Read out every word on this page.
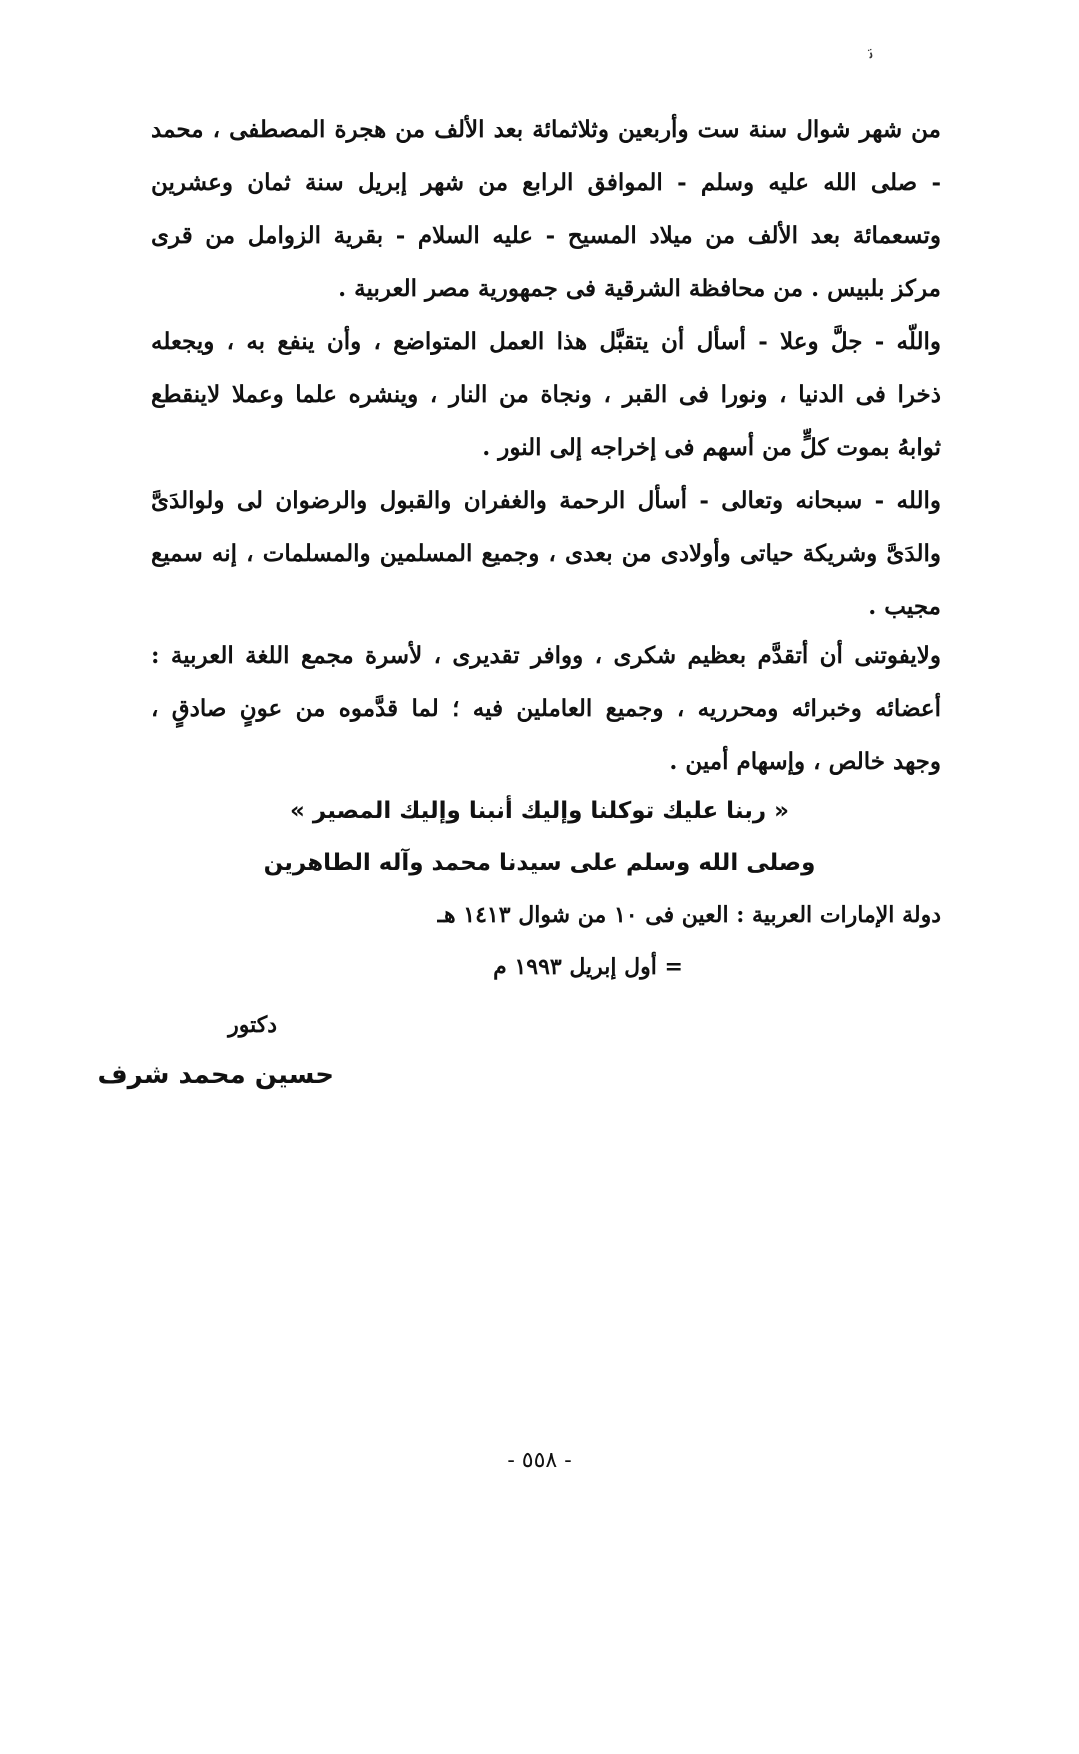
ﺗ
من شهر شوال سنة ست وأربعين وثلاثمائة بعد الألف من هجرة المصطفى ، محمد
- صلى الله عليه وسلم - الموافق الرابع من شهر إبريل سنة ثمان وعشرين
وتسعمائة بعد الألف من ميلاد المسيح - عليه السلام - بقرية الزوامل من قرى
مركز بلبيس . من محافظة الشرقية فى جمهورية مصر العربية .
واللّه - جلَّ وعلا - أسأل أن يتقبَّل هذا العمل المتواضع ، وأن ينفع به ، ويجعله
ذخرا فى الدنيا ، ونورا فى القبر ، ونجاة من النار ، وينشره علما وعملا لاينقطع
ثوابهُ بموت كلٍّ من أسهم فى إخراجه إلى النور .
والله - سبحانه وتعالى - أسأل الرحمة والغفران والقبول والرضوان لى ولوالدَىَّ
والدَىَّ وشريكة حياتى وأولادى من بعدى ، وجميع المسلمين والمسلمات ، إنه سميع
مجيب .
ولايفوتنى أن أتقدَّم بعظيم شكرى ، ووافر تقديرى ، لأسرة مجمع اللغة العربية :
أعضائه وخبرائه ومحرريه ، وجميع العاملين فيه ؛ لما قدَّموه من عونٍ صادقٍ ،
وجهد خالص ، وإسهام أمين .
« ربنا عليك توكلنا وإليك أنبنا وإليك المصير »
وصلى الله وسلم على سيدنا محمد وآله الطاهرين
دولة الإمارات العربية : العين فى ١٠ من شوال ١٤١٣ هـ
= أول إبريل ١٩٩٣ م
دكتور
حسين محمد شرف
- ٥٥٨ -
